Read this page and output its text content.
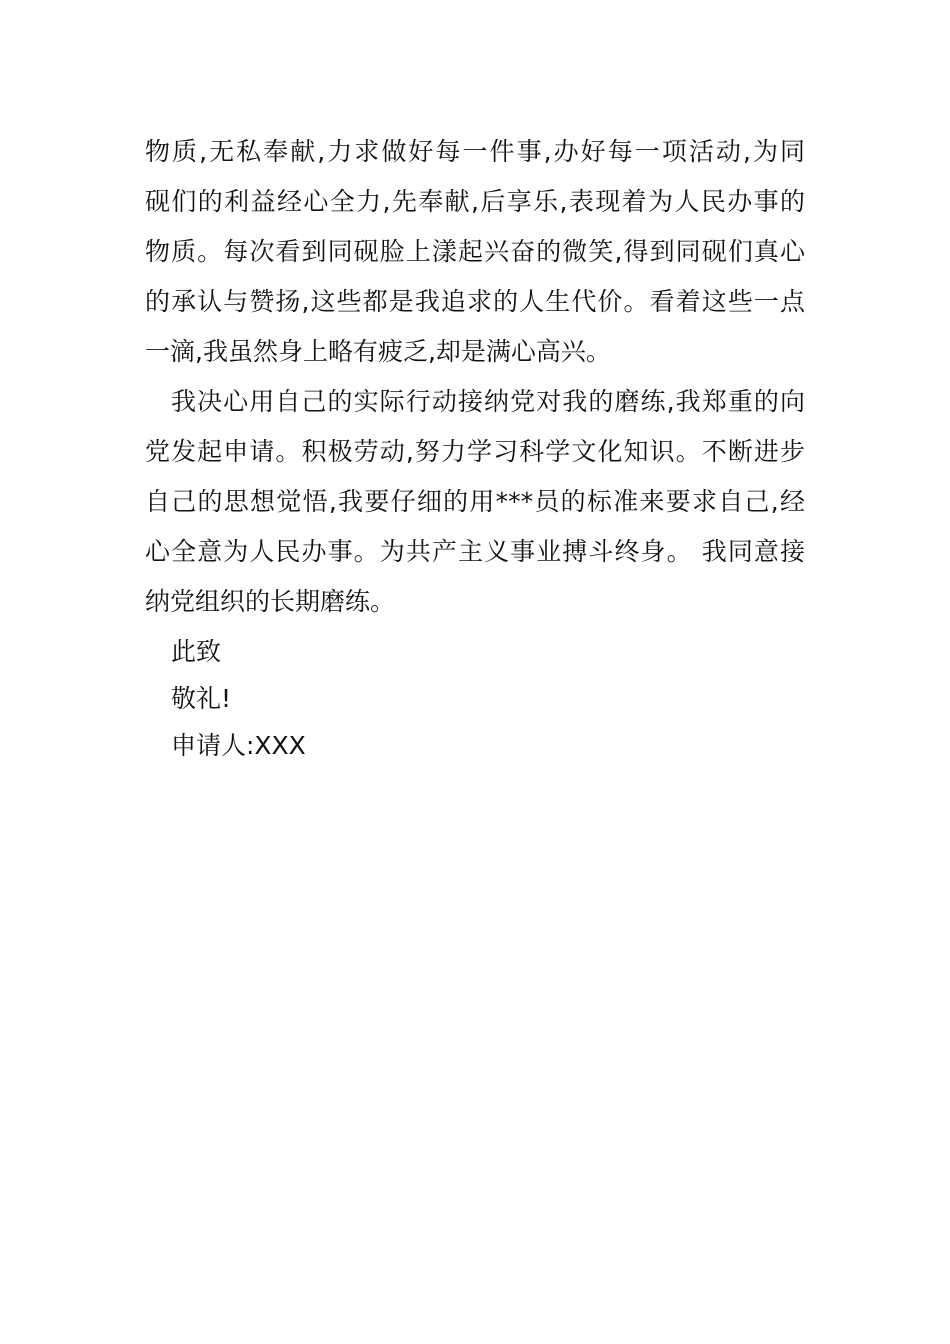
物质,无私奉献,力求做好每一件事,办好每一项活动,为同
砚们的利益经心全力,先奉献,后享乐,表现着为人民办事的
物质。每次看到同砚脸上漾起兴奋的微笑,得到同砚们真心
的承认与赞扬,这些都是我追求的人生代价。看着这些一点
一滴,我虽然身上略有疲乏,却是满心高兴。
我决心用自己的实际行动接纳党对我的磨练,我郑重的向
党发起申请。积极劳动,努力学习科学文化知识。不断进步
自己的思想觉悟,我要仔细的用***员的标准来要求自己,经
心全意为人民办事。为共产主义事业搏斗终身。 我同意接
纳党组织的长期磨练。
此致
敬礼!
申请人:XXX
